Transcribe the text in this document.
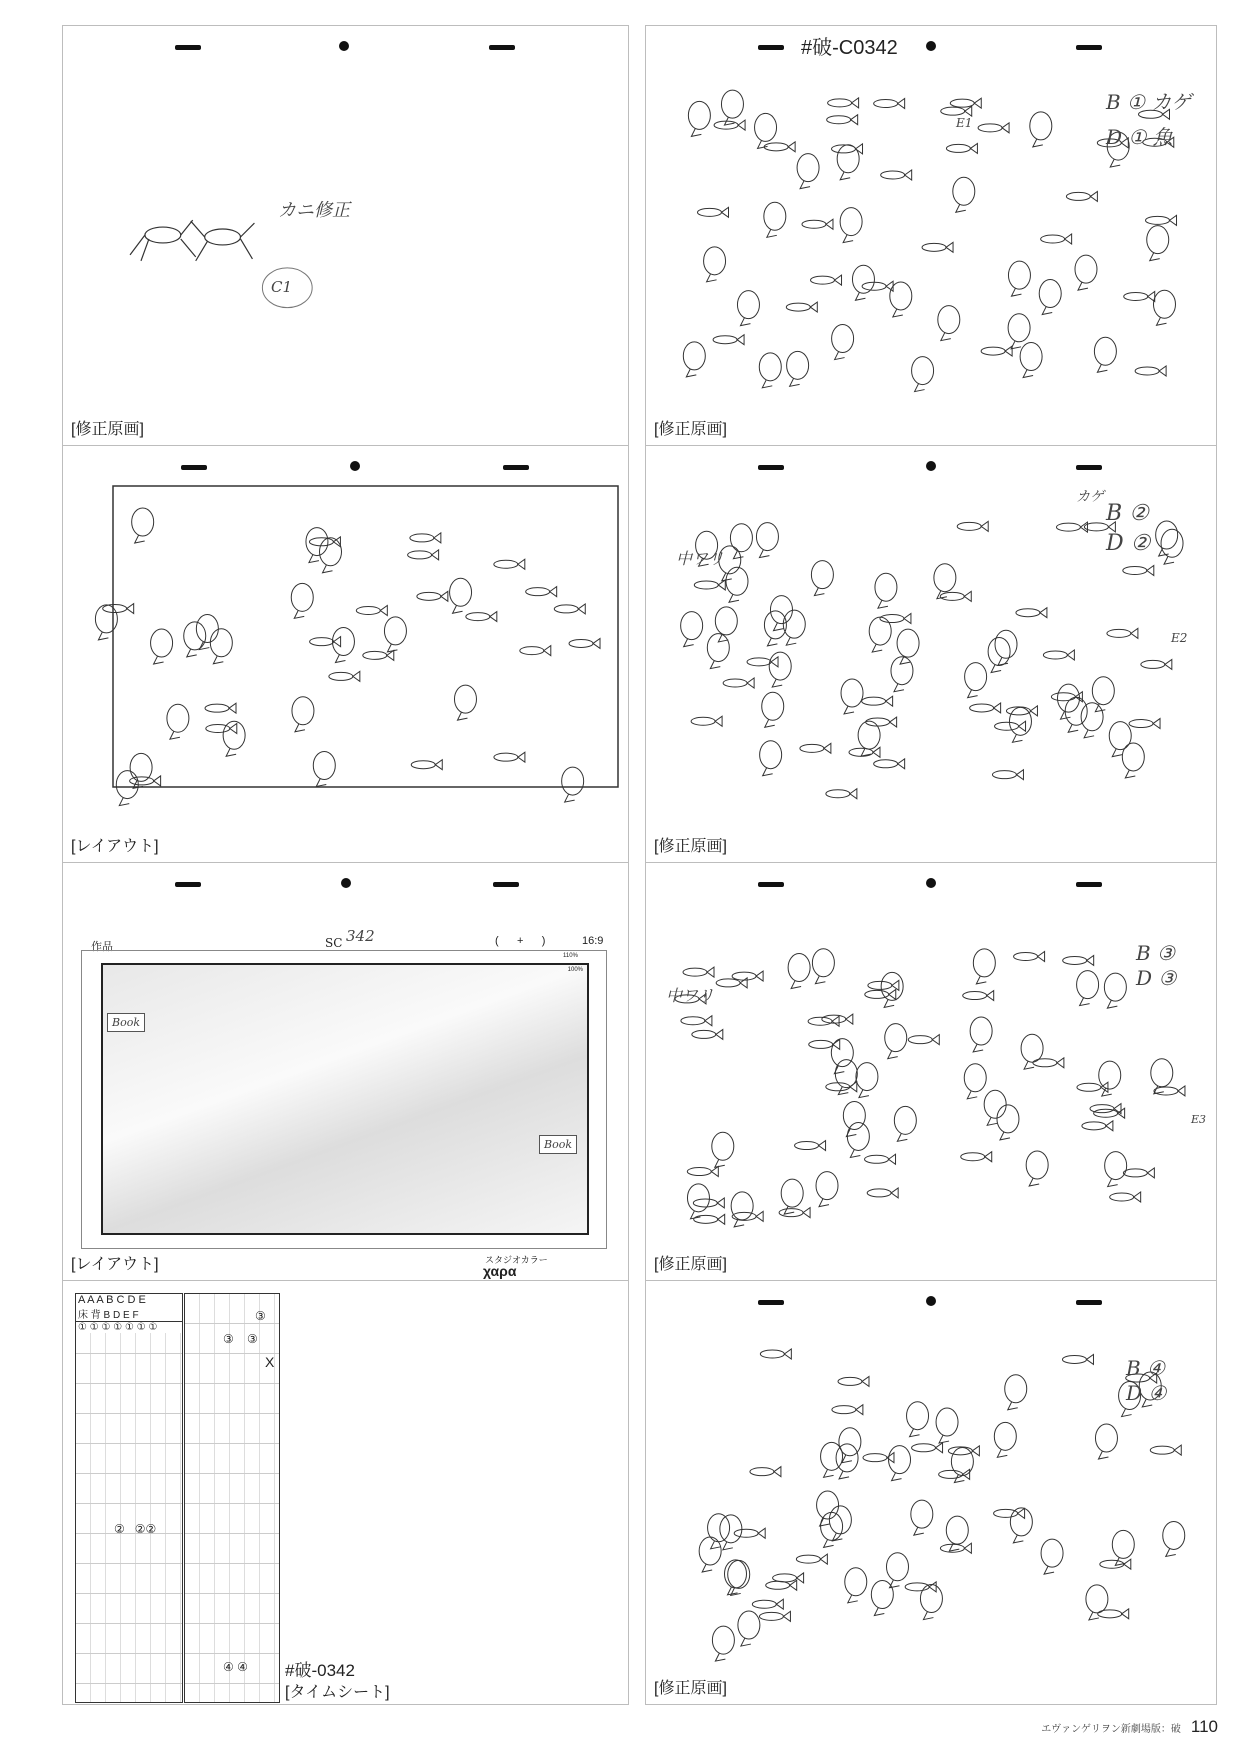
カニ修正
C1
[修正原画]
#破-C0342
B ① カゲ
D ① 魚
E1
[修正原画]
[レイアウト]
カゲ
B ②
D ②
中ワリ
E2
[修正原画]
作品	SC 342	(      +      )	16:9
110%
100%
Book
Book
スタジオカラー
χαρα
[レイアウト]
中ワリ
B ③
D ③
E3
[修正原画]
A A A B C D E
床 背 B D E F
① ① ① ① ① ① ①
② ②②
③
③ ③
X
④ ④ #破-0342
[タイムシート]
B ④
D ④
[修正原画]
エヴァンゲリヲン新劇場版：破 110
